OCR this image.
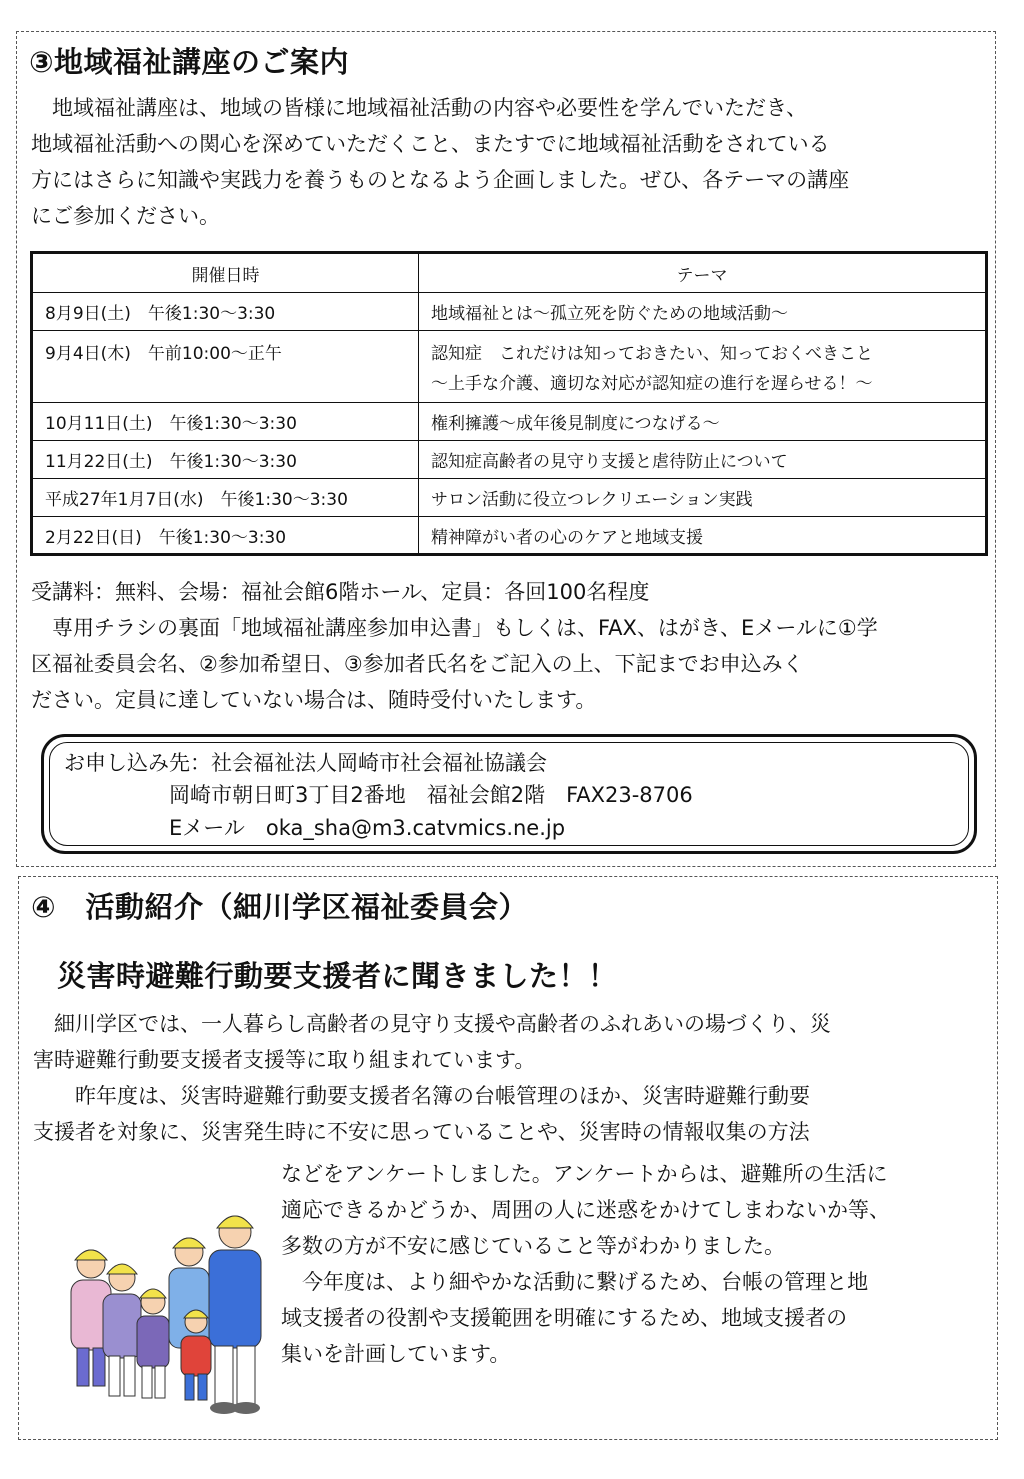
③地域福祉講座のご案内
　地域福祉講座は、地域の皆様に地域福祉活動の内容や必要性を学んでいただき、
地域福祉活動への関心を深めていただくこと、またすでに地域福祉活動をされている
方にはさらに知識や実践力を養うものとなるよう企画しました。ぜひ、各テーマの講座
にご参加ください。
開催日時	テーマ
8月9日(土)　午後1:30～3:30	地域福祉とは～孤立死を防ぐための地域活動～
9月4日(木)　午前10:00～正午	認知症　これだけは知っておきたい、知っておくべきこと
～上手な介護、適切な対応が認知症の進行を遅らせる！～

10月11日(土)　午後1:30～3:30	権利擁護～成年後見制度につなげる～
11月22日(土)　午後1:30～3:30	認知症高齢者の見守り支援と虐待防止について
平成27年1月7日(水)　午後1:30～3:30	サロン活動に役立つレクリエーション実践
2月22日(日)　午後1:30～3:30	精神障がい者の心のケアと地域支援
受講料：無料、会場：福祉会館6階ホール、定員：各回100名程度
　専用チラシの裏面「地域福祉講座参加申込書」もしくは、FAX、はがき、Eメールに①学
区福祉委員会名、②参加希望日、③参加者氏名をご記入の上、下記までお申込みく
ださい。定員に達していない場合は、随時受付いたします。
お申し込み先：社会福祉法人岡崎市社会福祉協議会
岡崎市朝日町3丁目2番地　福祉会館2階　FAX23-8706
Eメール　oka_sha@m3.catvmics.ne.jp
④　活動紹介（細川学区福祉委員会）
災害時避難行動要支援者に聞きました！！
　細川学区では、一人暮らし高齢者の見守り支援や高齢者のふれあいの場づくり、災
害時避難行動要支援者支援等に取り組まれています。
　　昨年度は、災害時避難行動要支援者名簿の台帳管理のほか、災害時避難行動要
支援者を対象に、災害発生時に不安に思っていることや、災害時の情報収集の方法
などをアンケートしました。アンケートからは、避難所の生活に
適応できるかどうか、周囲の人に迷惑をかけてしまわないか等、
多数の方が不安に感じていること等がわかりました。
　今年度は、より細やかな活動に繋げるため、台帳の管理と地
域支援者の役割や支援範囲を明確にするため、地域支援者の
集いを計画しています。
